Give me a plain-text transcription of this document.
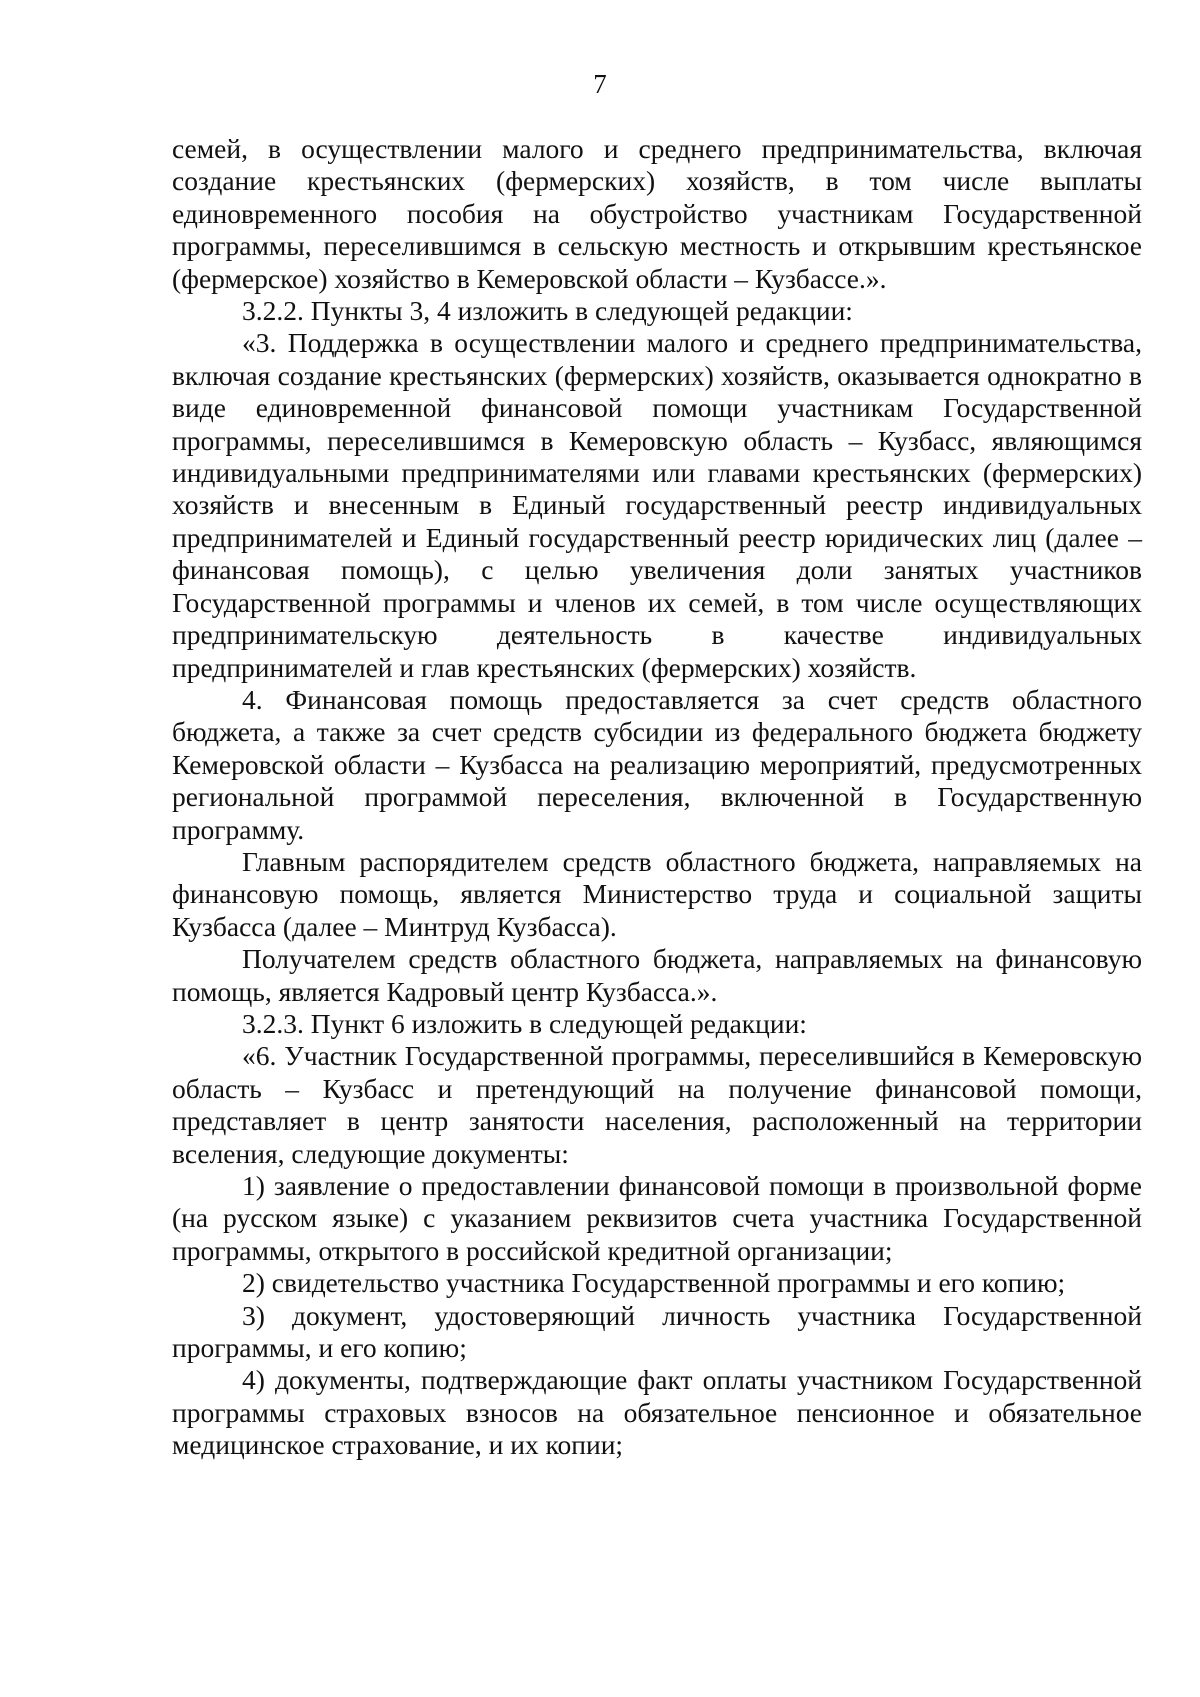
7

семей, в осуществлении малого и среднего предпринимательства, включая создание крестьянских (фермерских) хозяйств, в том числе выплаты единовременного пособия на обустройство участникам Государственной программы, переселившимся в сельскую местность и открывшим крестьянское (фермерское) хозяйство в Кемеровской области – Кузбассе.».

3.2.2. Пункты 3, 4 изложить в следующей редакции:

«3. Поддержка в осуществлении малого и среднего предпринимательства, включая создание крестьянских (фермерских) хозяйств, оказывается однократно в виде единовременной финансовой помощи участникам Государственной программы, переселившимся в Кемеровскую область – Кузбасс, являющимся индивидуальными предпринимателями или главами крестьянских (фермерских) хозяйств и внесенным в Единый государственный реестр индивидуальных предпринимателей и Единый государственный реестр юридических лиц (далее – финансовая помощь), с целью увеличения доли занятых участников Государственной программы и членов их семей, в том числе осуществляющих предпринимательскую деятельность в качестве индивидуальных предпринимателей и глав крестьянских (фермерских) хозяйств.

4. Финансовая помощь предоставляется за счет средств областного бюджета, а также за счет средств субсидии из федерального бюджета бюджету Кемеровской области – Кузбасса на реализацию мероприятий, предусмотренных региональной программой переселения, включенной в Государственную программу.

Главным распорядителем средств областного бюджета, направляемых на финансовую помощь, является Министерство труда и социальной защиты Кузбасса (далее – Минтруд Кузбасса).

Получателем средств областного бюджета, направляемых на финансовую помощь, является Кадровый центр Кузбасса.».

3.2.3. Пункт 6 изложить в следующей редакции:

«6. Участник Государственной программы, переселившийся в Кемеровскую область – Кузбасс и претендующий на получение финансовой помощи, представляет в центр занятости населения, расположенный на территории вселения, следующие документы:

1) заявление о предоставлении финансовой помощи в произвольной форме (на русском языке) с указанием реквизитов счета участника Государственной программы, открытого в российской кредитной организации;

2) свидетельство участника Государственной программы и его копию;

3) документ, удостоверяющий личность участника Государственной программы, и его копию;

4) документы, подтверждающие факт оплаты участником Государственной программы страховых взносов на обязательное пенсионное и обязательное медицинское страхование, и их копии;
